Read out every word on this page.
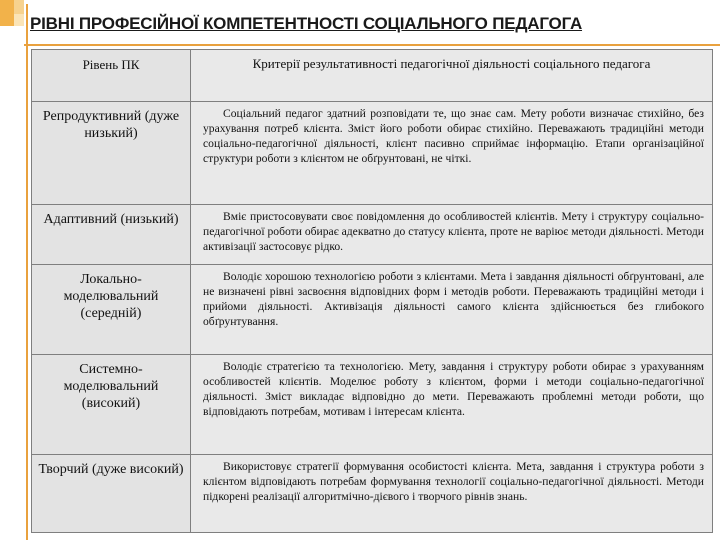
РІВНІ ПРОФЕСІЙНОЇ КОМПЕТЕНТНОСТІ СОЦІАЛЬНОГО ПЕДАГОГА
Рівень ПК	Критерії результативності педагогічної діяльності соціального педагога
Репродуктивний (дуже низький)	Соціальний педагог здатний розповідати те, що знає сам. Мету роботи визначає стихійно, без урахування потреб клієнта. Зміст його роботи обирає стихійно. Переважають традиційні методи соціально-педагогічної діяльності, клієнт пасивно сприймає інформацію. Етапи організаційної структури роботи з клієнтом не обґрунтовані, не чіткі.
Адаптивний (низький)	Вміє пристосовувати своє повідомлення до особливостей клієнтів. Мету і структуру соціально-педагогічної роботи обирає адекватно до статусу клієнта, проте не варіює методи діяльності. Методи активізації застосовує рідко.
Локально-моделювальний (середній)	Володіє хорошою технологією роботи з клієнтами. Мета і завдання діяльності обґрунтовані, але не визначені рівні засвоєння відповідних форм і методів роботи. Переважають традиційні методи і прийоми діяльності. Активізація діяльності самого клієнта здійснюється без глибокого обґрунтування.
Системно-моделювальний (високий)	Володіє стратегією та технологією. Мету, завдання і структуру роботи обирає з урахуванням особливостей клієнтів. Моделює роботу з клієнтом, форми і методи соціально-педагогічної діяльності. Зміст викладає відповідно до мети. Переважають проблемні методи роботи, що відповідають потребам, мотивам і інтересам клієнта.
Творчий (дуже високий)	Використовує стратегії формування особистості клієнта. Мета, завдання і структура роботи з клієнтом відповідають потребам формування технології соціально-педагогічної діяльності. Методи підкорені реалізації алгоритмічно-дієвого і творчого рівнів знань.
